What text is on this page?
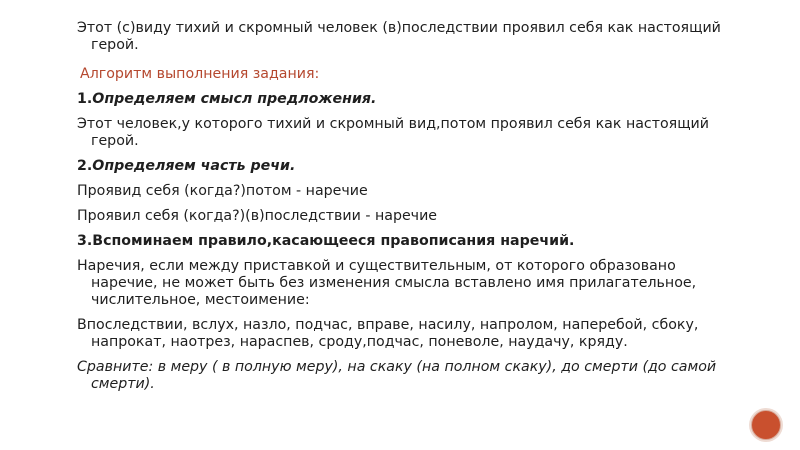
Этот (с)виду тихий и скромный человек (в)последствии проявил себя как настоящий герой.

Алгоритм выполнения задания:

1.Определяем смысл предложения.

Этот человек,у которого тихий и скромный вид,потом проявил себя как настоящий герой.

2.Определяем часть речи.

Проявид себя (когда?)потом - наречие

Проявил себя (когда?)(в)последствии - наречие

3.Вспоминаем правило,касающееся правописания наречий.

Наречия, если между приставкой и существительным, от которого образовано наречие, не может быть без изменения смысла вставлено имя прилагательное, числительное, местоимение:

Впоследствии, вслух, назло, подчас, вправе, насилу, напролом, наперебой, сбоку, напрокат, наотрез, нараспев, сроду,подчас, поневоле, наудачу, кряду.

Сравните: в меру ( в полную меру), на скаку (на полном скаку), до смерти (до самой смерти).
